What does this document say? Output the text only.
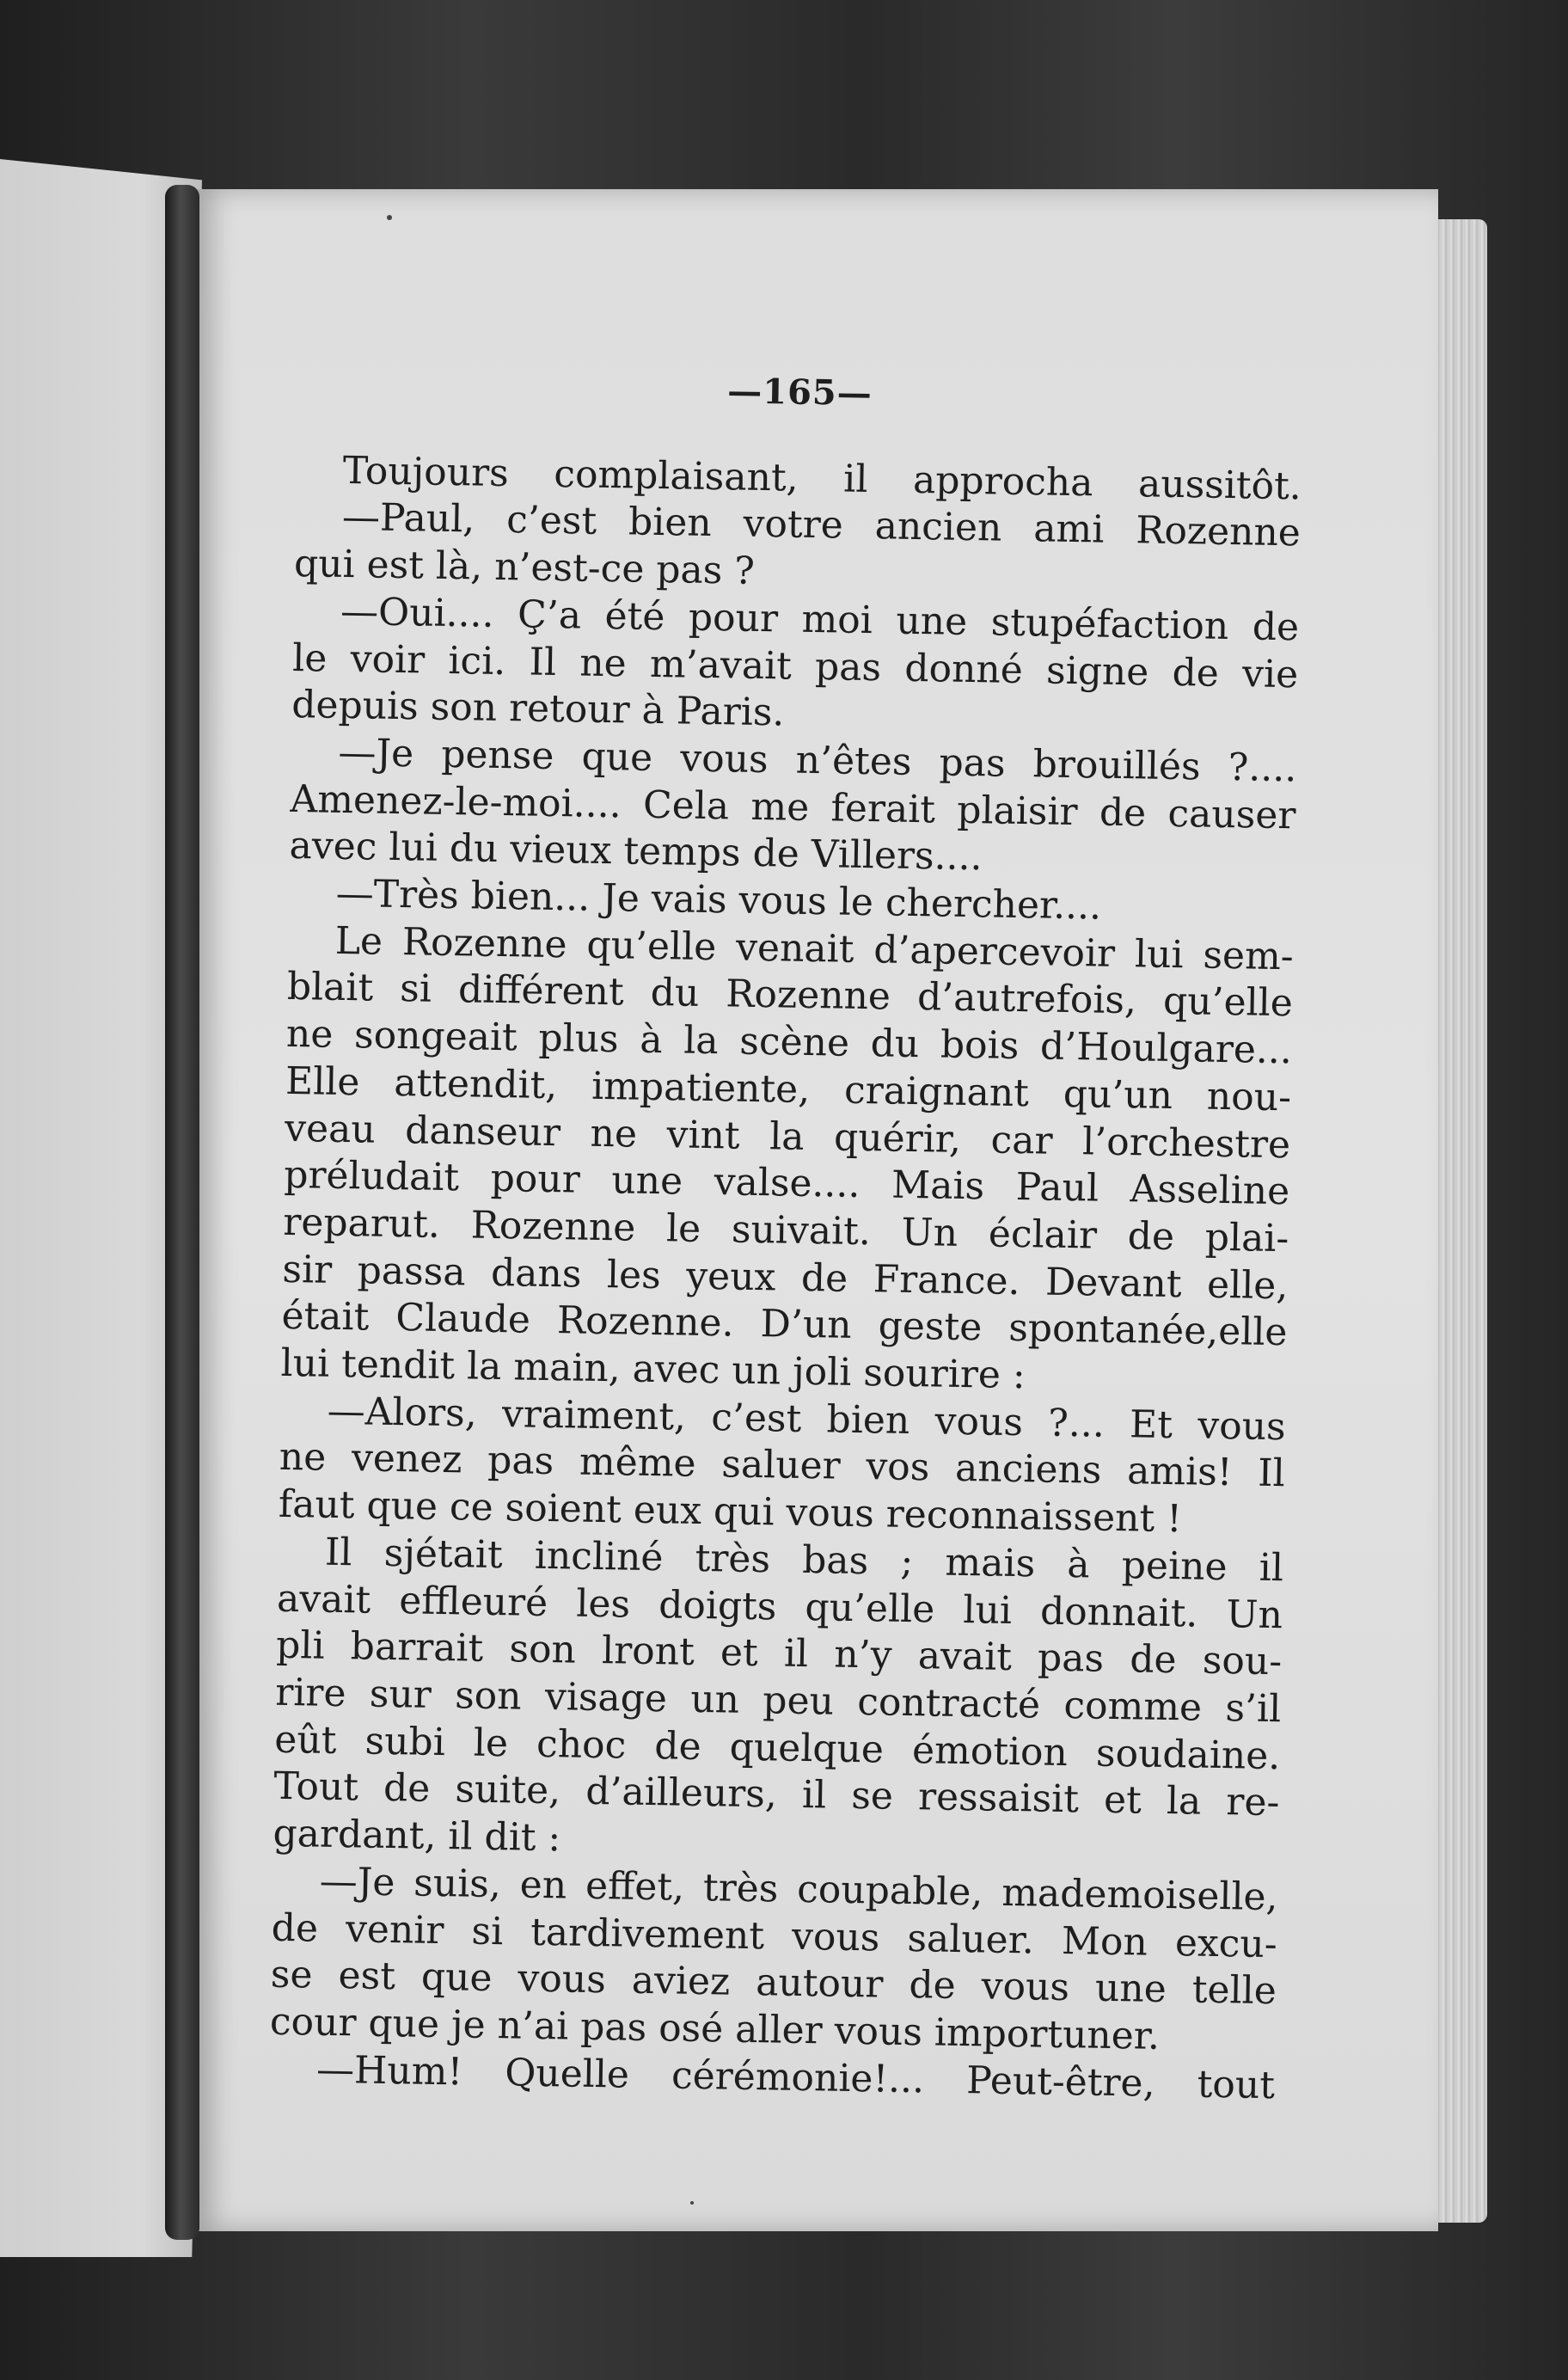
—165—
Toujours complaisant, il approcha aussitôt.
—Paul, c’est bien votre ancien ami Rozenne
qui est là, n’est-ce pas ?
—Oui.... Ç’a été pour moi une stupéfaction de
le voir ici. Il ne m’avait pas donné signe de vie
depuis son retour à Paris.
—Je pense que vous n’êtes pas brouillés ?....
Amenez-le-moi.... Cela me ferait plaisir de causer
avec lui du vieux temps de Villers....
—Très bien... Je vais vous le chercher....
Le Rozenne qu’elle venait d’apercevoir lui sem-
blait si différent du Rozenne d’autrefois, qu’elle
ne songeait plus à la scène du bois d’Houlgare...
Elle attendit, impatiente, craignant qu’un nou-
veau danseur ne vint la quérir, car l’orchestre
préludait pour une valse.... Mais Paul Asseline
reparut. Rozenne le suivait. Un éclair de plai-
sir passa dans les yeux de France. Devant elle,
était Claude Rozenne. D’un geste spontanée,elle
lui tendit la main, avec un joli sourire :
—Alors, vraiment, c’est bien vous ?... Et vous
ne venez pas même saluer vos anciens amis! Il
faut que ce soient eux qui vous reconnaissent !
Il sjétait incliné très bas ; mais à peine il
avait effleuré les doigts qu’elle lui donnait. Un
pli barrait son lront et il n’y avait pas de sou-
rire sur son visage un peu contracté comme s’il
eût subi le choc de quelque émotion soudaine.
Tout de suite, d’ailleurs, il se ressaisit et la re-
gardant, il dit :
—Je suis, en effet, très coupable, mademoiselle,
de venir si tardivement vous saluer. Mon excu-
se est que vous aviez autour de vous une telle
cour que je n’ai pas osé aller vous importuner.
—Hum! Quelle cérémonie!... Peut-être, tout
